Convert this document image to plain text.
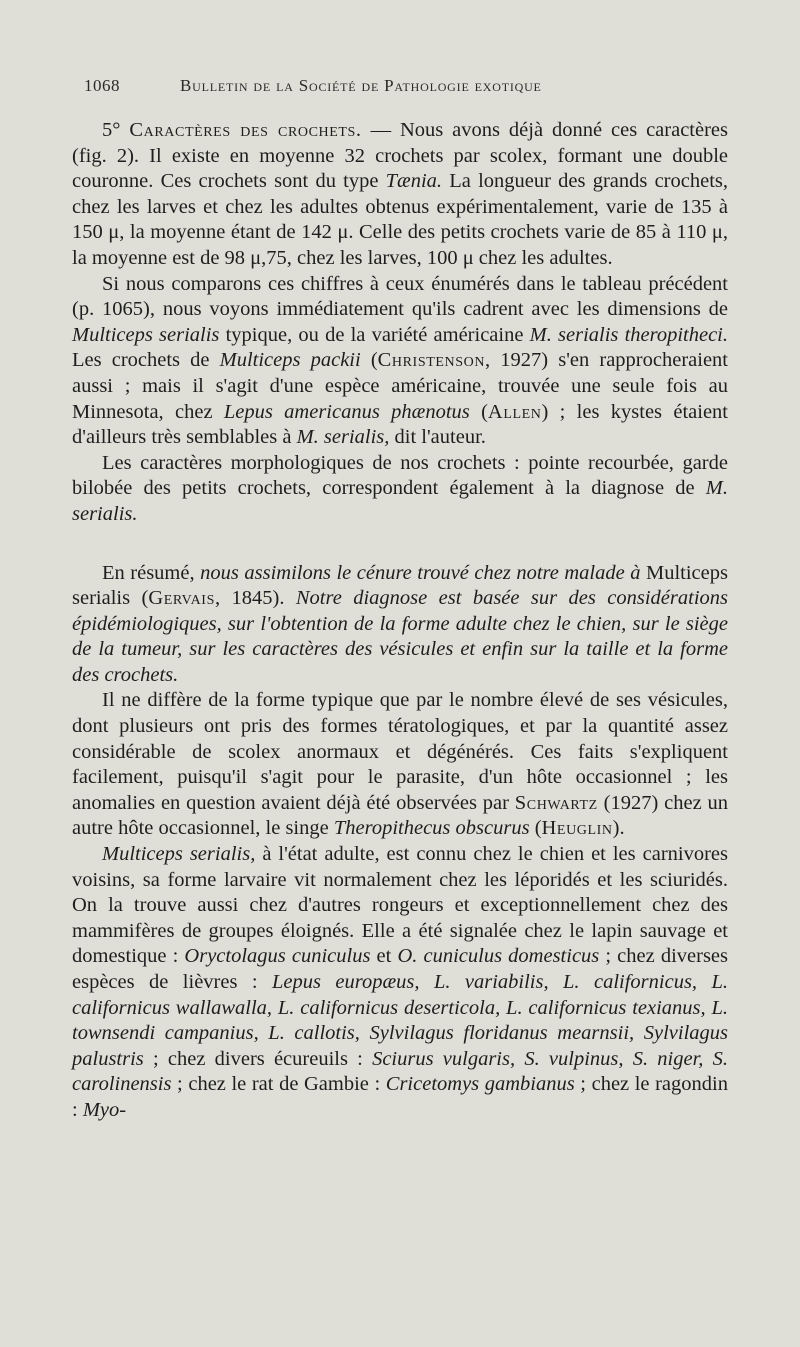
1068	Bulletin de la Société de Pathologie exotique

5° Caractères des crochets. — Nous avons déjà donné ces caractères (fig. 2). Il existe en moyenne 32 crochets par scolex, formant une double couronne. Ces crochets sont du type Tænia. La longueur des grands crochets, chez les larves et chez les adultes obtenus expérimentalement, varie de 135 à 150 μ, la moyenne étant de 142 μ. Celle des petits crochets varie de 85 à 110 μ, la moyenne est de 98 μ,75, chez les larves, 100 μ chez les adultes.

Si nous comparons ces chiffres à ceux énumérés dans le tableau précédent (p. 1065), nous voyons immédiatement qu'ils cadrent avec les dimensions de Multiceps serialis typique, ou de la variété américaine M. serialis theropitheci. Les crochets de Multiceps packii (Christenson, 1927) s'en rapprocheraient aussi ; mais il s'agit d'une espèce américaine, trouvée une seule fois au Minnesota, chez Lepus americanus phænotus (Allen) ; les kystes étaient d'ailleurs très semblables à M. serialis, dit l'auteur.

Les caractères morphologiques de nos crochets : pointe recourbée, garde bilobée des petits crochets, correspondent également à la diagnose de M. serialis.

En résumé, nous assimilons le cénure trouvé chez notre malade à Multiceps serialis (Gervais, 1845). Notre diagnose est basée sur des considérations épidémiologiques, sur l'obtention de la forme adulte chez le chien, sur le siège de la tumeur, sur les caractères des vésicules et enfin sur la taille et la forme des crochets.

Il ne diffère de la forme typique que par le nombre élevé de ses vésicules, dont plusieurs ont pris des formes tératologiques, et par la quantité assez considérable de scolex anormaux et dégénérés. Ces faits s'expliquent facilement, puisqu'il s'agit pour le parasite, d'un hôte occasionnel ; les anomalies en question avaient déjà été observées par Schwartz (1927) chez un autre hôte occasionnel, le singe Theropithecus obscurus (Heuglin).

Multiceps serialis, à l'état adulte, est connu chez le chien et les carnivores voisins, sa forme larvaire vit normalement chez les léporidés et les sciuridés. On la trouve aussi chez d'autres rongeurs et exceptionnellement chez des mammifères de groupes éloignés. Elle a été signalée chez le lapin sauvage et domestique : Oryctolagus cuniculus et O. cuniculus domesticus ; chez diverses espèces de lièvres : Lepus europæus, L. variabilis, L. californicus, L. californicus wallawalla, L. californicus deserticola, L. californicus texianus, L. townsendi campanius, L. callotis, Sylvilagus floridanus mearnsii, Sylvilagus palustris ; chez divers écureuils : Sciurus vulgaris, S. vulpinus, S. niger, S. carolinensis ; chez le rat de Gambie : Cricetomys gambianus ; chez le ragondin : Myo-
